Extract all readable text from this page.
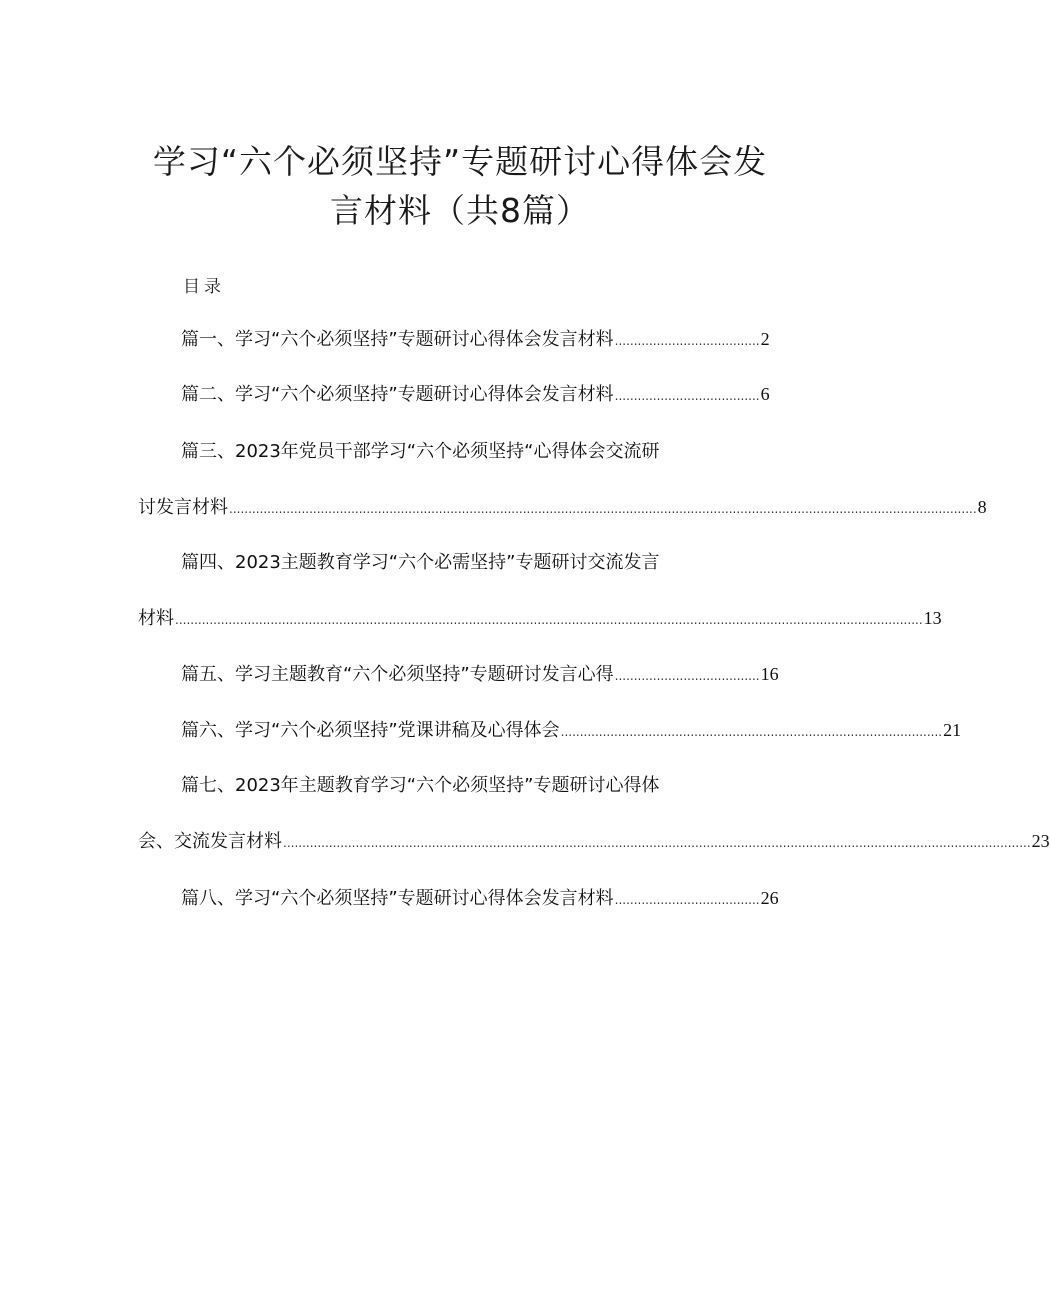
学习“六个必须坚持”专题研讨心得体会发
言材料（共8篇）
目录
篇一、学习“六个必须坚持”专题研讨心得体会发言材料 ...................................... 2
篇二、学习“六个必须坚持”专题研讨心得体会发言材料 ...................................... 6
篇三、2023年党员干部学习“六个必须坚持“心得体会交流研
讨发言材料 .................................................................................................................................................................................................... 8
篇四、2023主题教育学习“六个必需坚持”专题研讨交流发言
材料 .................................................................................................................................................................................................... 13
篇五、学习主题教育“六个必须坚持”专题研讨发言心得 ...................................... 16
篇六、学习“六个必须坚持”党课讲稿及心得体会 .................................................................................................... 21
篇七、2023年主题教育学习“六个必须坚持”专题研讨心得体
会、交流发言材料 .................................................................................................................................................................................................... 23
篇八、学习“六个必须坚持”专题研讨心得体会发言材料 ...................................... 26
